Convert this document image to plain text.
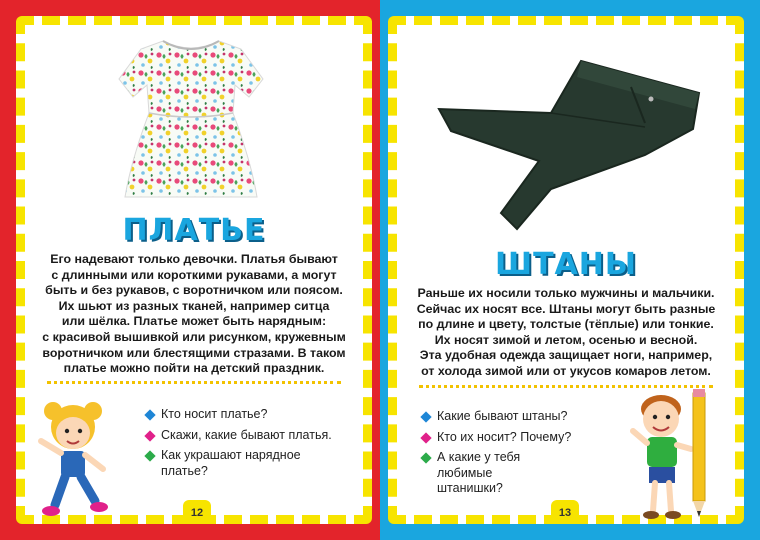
ПЛАТЬЕ
Его надевают только девочки. Платья бывают
с длинными или короткими рукавами, а могут
быть и без рукавов, с воротничком или поясом.
Их шьют из разных тканей, например ситца
или шёлка. Платье может быть нарядным:
с красивой вышивкой или рисунком, кружевным
воротничком или блестящими стразами. В таком
платье можно пойти на детский праздник.
Кто носит платье?
Скажи, какие бывают платья.
Как украшают нарядное платье?
12
ШТАНЫ
Раньше их носили только мужчины и мальчики.
Сейчас их носят все. Штаны могут быть разные
по длине и цвету, толстые (тёплые) или тонкие.
Их носят зимой и летом, осенью и весной.
Эта удобная одежда защищает ноги, например,
от холода зимой или от укусов комаров летом.
Какие бывают штаны?
Кто их носит? Почему?
А какие у тебя любимые штанишки?
13
